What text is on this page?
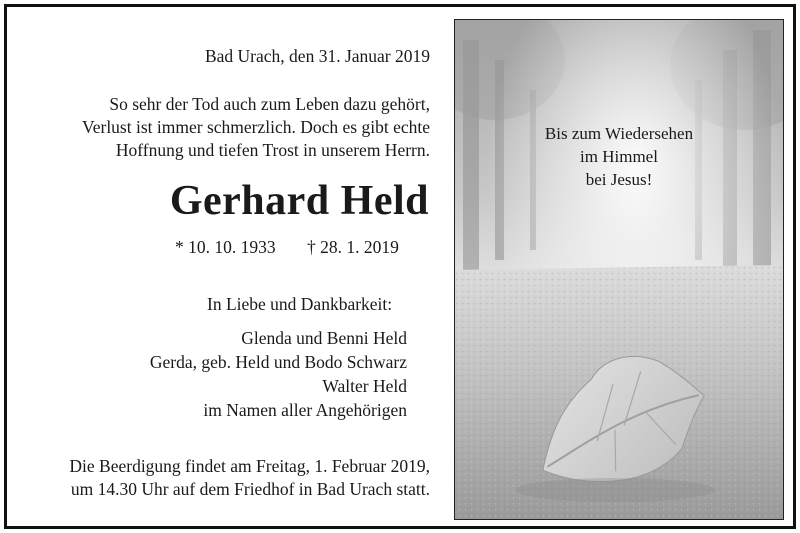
Bad Urach, den 31. Januar 2019
So sehr der Tod auch zum Leben dazu gehört,
Verlust ist immer schmerzlich. Doch es gibt echte
Hoffnung und tiefen Trost in unserem Herrn.
Gerhard Held
* 10. 10. 1933 † 28. 1. 2019
In Liebe und Dankbarkeit:
Glenda und Benni Held
Gerda, geb. Held und Bodo Schwarz
Walter Held
im Namen aller Angehörigen
Die Beerdigung findet am Freitag, 1. Februar 2019,
um 14.30 Uhr auf dem Friedhof in Bad Urach statt.
Bis zum Wiedersehen
im Himmel
bei Jesus!
